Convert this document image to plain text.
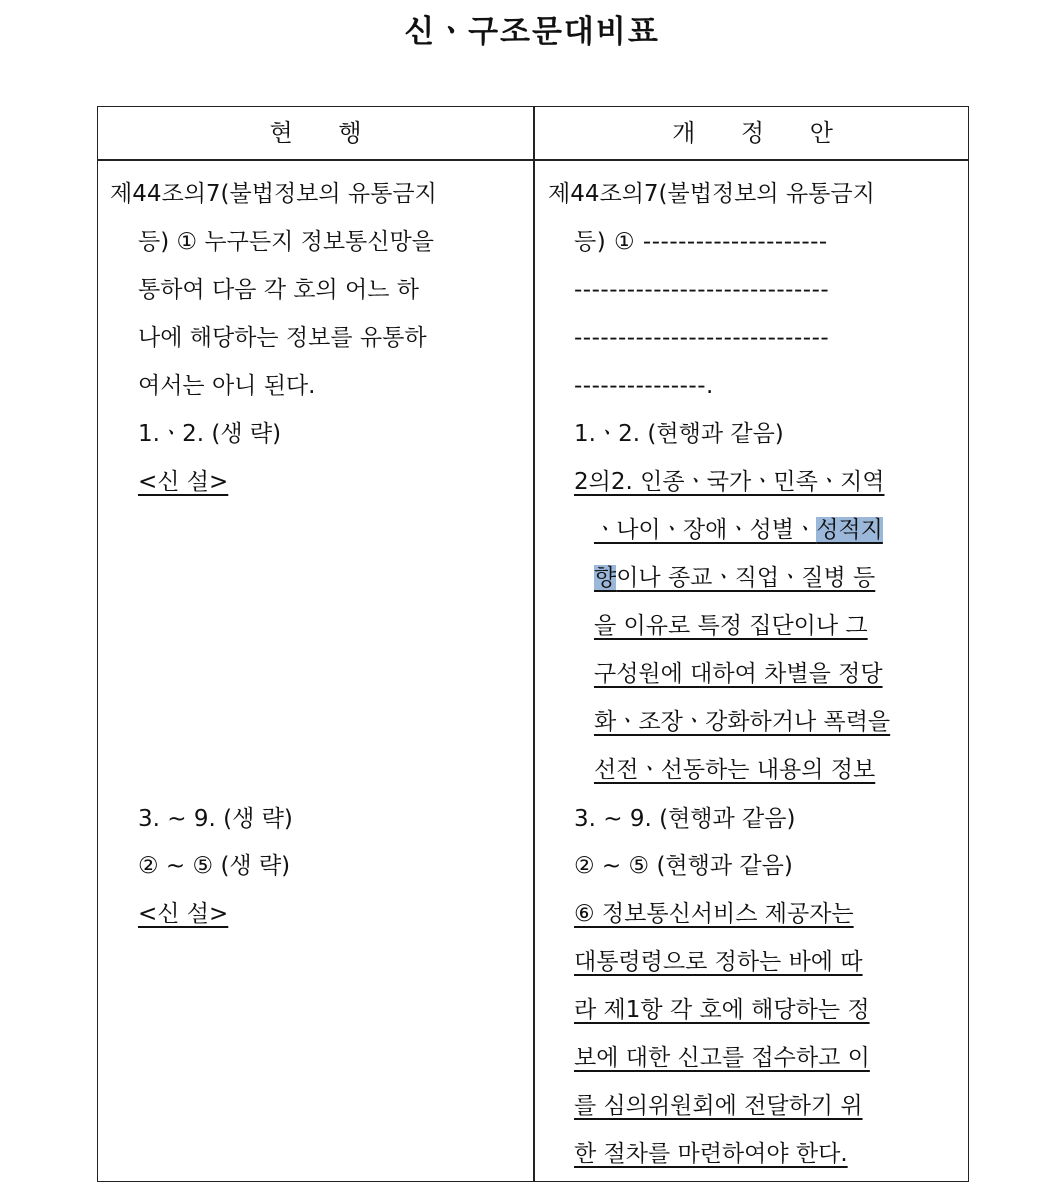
신ㆍ구조문대비표
현 행	개 정 안
제44조의7(불법정보의 유통금지
등) ① 누구든지 정보통신망을
통하여 다음 각 호의 어느 하
나에 해당하는 정보를 유통하
여서는 아니 된다.
1.ㆍ2. (생 략)
<신 설>
3. ~ 9. (생 략)
② ~ ⑤ (생 략)
<신 설>
제44조의7(불법정보의 유통금지
등) ① ---------------------
-----------------------------
-----------------------------
---------------.
1.ㆍ2. (현행과 같음)
2의2. 인종ㆍ국가ㆍ민족ㆍ지역
ㆍ나이ㆍ장애ㆍ성별ㆍ성적지
향이나 종교ㆍ직업ㆍ질병 등
을 이유로 특정 집단이나 그
구성원에 대하여 차별을 정당
화ㆍ조장ㆍ강화하거나 폭력을
선전ㆍ선동하는 내용의 정보
3. ~ 9. (현행과 같음)
② ~ ⑤ (현행과 같음)
⑥ 정보통신서비스 제공자는
대통령령으로 정하는 바에 따
라 제1항 각 호에 해당하는 정
보에 대한 신고를 접수하고 이
를 심의위원회에 전달하기 위
한 절차를 마련하여야 한다.
